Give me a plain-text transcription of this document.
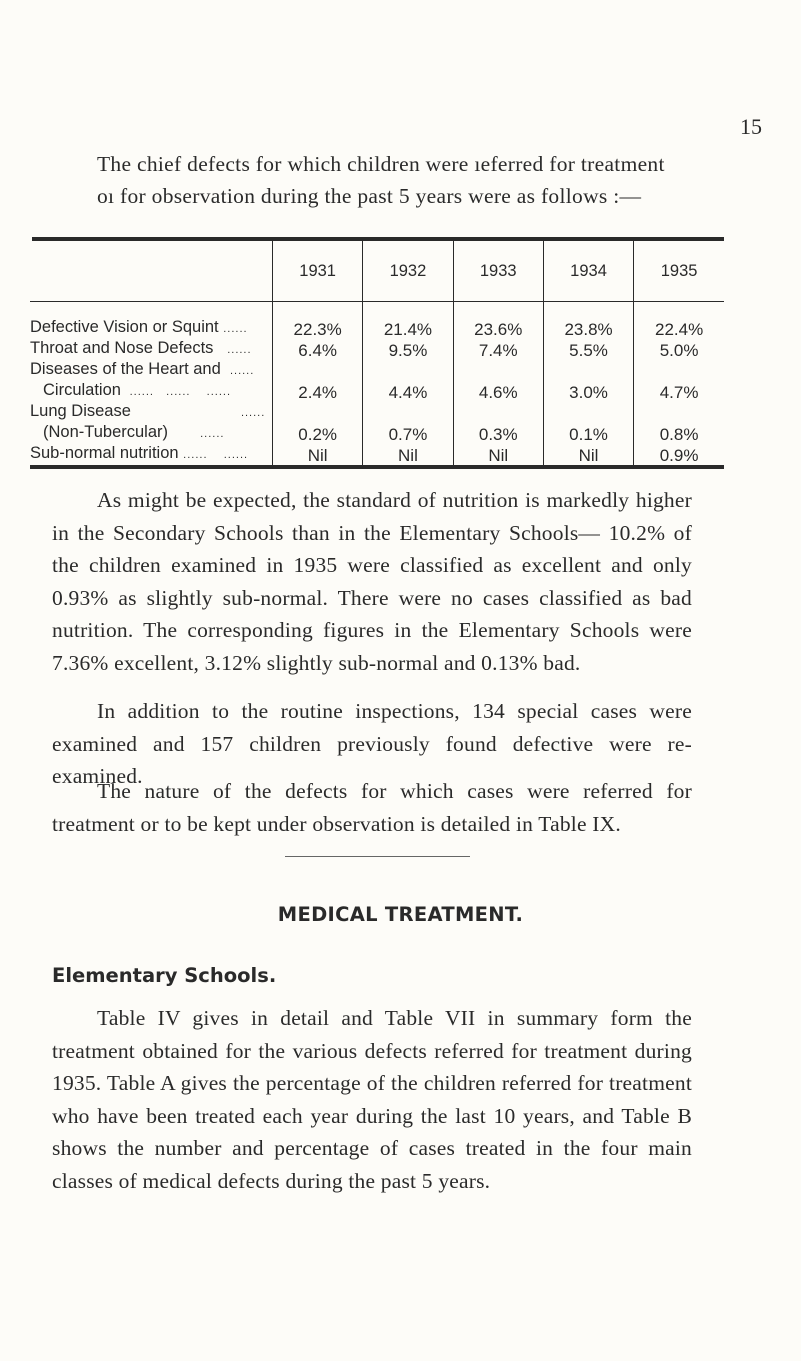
15
The chief defects for which children were ıeferred for treatment oı for observation during the past 5 years were as follows :—
	1931	1932	1933	1934	1935
Defective Vision or Squint ......	22.3%	21.4%	23.6%	23.8%	22.4%
Throat and Nose Defects ......	6.4%	9.5%	7.4%	5.5%	5.0%
Diseases of the Heart and ......
Circulation  ......   ......    ......	2.4%	4.4%	4.6%	3.0%	4.7%
Lung Disease ......
(Non-Tubercular) ......	0.2%	0.7%	0.3%	0.1%	0.8%
Sub-normal nutrition ......    ......	Nil	Nil	Nil	Nil	0.9%
As might be expected, the standard of nutrition is markedly higher in the Secondary Schools than in the Elementary Schools— 10.2% of the children examined in 1935 were classified as excellent and only 0.93% as slightly sub-normal. There were no cases classified as bad nutrition. The corresponding figures in the Elementary Schools were 7.36% excellent, 3.12% slightly sub-normal and 0.13% bad.
In addition to the routine inspections, 134 special cases were examined and 157 children previously found defective were re-examined.
The nature of the defects for which cases were referred for treatment or to be kept under observation is detailed in Table IX.
MEDICAL TREATMENT.
Elementary Schools.
Table IV gives in detail and Table VII in summary form the treatment obtained for the various defects referred for treatment during 1935. Table A gives the percentage of the children referred for treatment who have been treated each year during the last 10 years, and Table B shows the number and percentage of cases treated in the four main classes of medical defects during the past 5 years.
